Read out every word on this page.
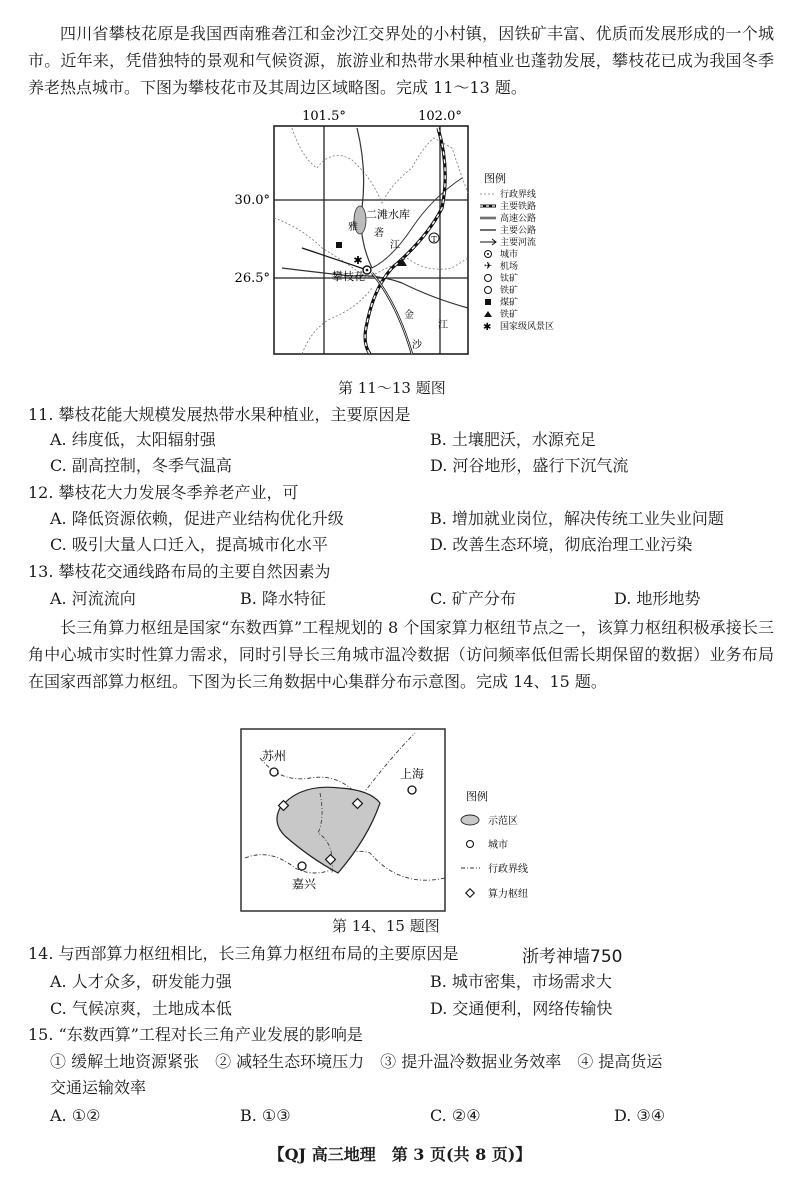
四川省攀枝花原是我国西南雅砻江和金沙江交界处的小村镇，因铁矿丰富、优质而发展形成的一个城市。近年来，凭借独特的景观和气候资源，旅游业和热带水果种植业也蓬勃发展，攀枝花已成为我国冬季养老热点城市。下图为攀枝花市及其周边区域略图。完成 11～13 题。

✱
T
101.5°	102.0°
30.0°
26.5°
二滩水库
雅
砻
江
攀枝花
金
江
沙
图例
行政界线
主要铁路
高速公路
主要公路
主要河流
城市
✈ 机场
钛矿
铁矿
煤矿
铁矿
✱ 国家级风景区
第 11～13 题图

11. 攀枝花能大规模发展热带水果种植业，主要原因是

A. 纬度低，太阳辐射强	B. 土壤肥沃，水源充足

C. 副高控制，冬季气温高	D. 河谷地形，盛行下沉气流

12. 攀枝花大力发展冬季养老产业，可

A. 降低资源依赖，促进产业结构优化升级	B. 增加就业岗位，解决传统工业失业问题

C. 吸引大量人口迁入，提高城市化水平	D. 改善生态环境，彻底治理工业污染

13. 攀枝花交通线路布局的主要自然因素为

A. 河流流向	B. 降水特征	C. 矿产分布	D. 地形地势

长三角算力枢纽是国家“东数西算”工程规划的 8 个国家算力枢纽节点之一，该算力枢纽积极承接长三角中心城市实时性算力需求，同时引导长三角城市温冷数据（访问频率低但需长期保留的数据）业务布局在国家西部算力枢纽。下图为长三角数据中心集群分布示意图。完成 14、15 题。

苏州
上海
嘉兴
图例
示范区
城市
行政界线
算力枢纽
第 14、15 题图

14. 与西部算力枢纽相比，长三角算力枢纽布局的主要原因是	浙考神墙750

A. 人才众多，研发能力强	B. 城市密集，市场需求大

C. 气候凉爽，土地成本低	D. 交通便利，网络传输快

15. “东数西算”工程对长三角产业发展的影响是

① 缓解土地资源紧张　② 减轻生态环境压力　③ 提升温冷数据业务效率　④ 提高货运

交通运输效率

A. ①②	B. ①③	C. ②④	D. ③④

【QJ 高三地理　第 3 页(共 8 页)】
